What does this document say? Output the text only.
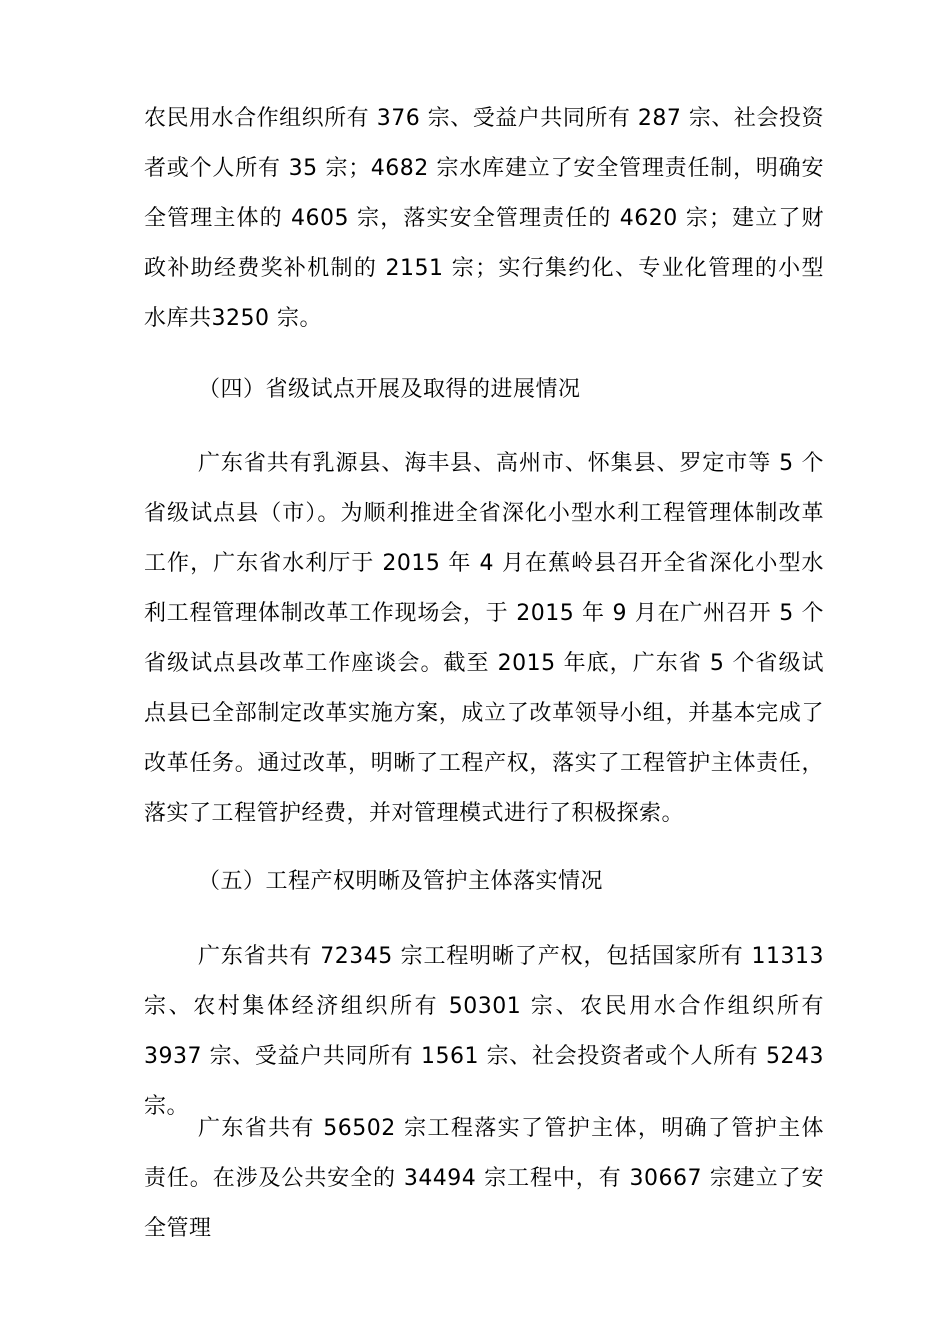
农民用水合作组织所有 376 宗、受益户共同所有 287 宗、社会投资者或个人所有 35 宗；4682 宗水库建立了安全管理责任制，明确安全管理主体的 4605 宗，落实安全管理责任的 4620 宗；建立了财政补助经费奖补机制的 2151 宗；实行集约化、专业化管理的小型水库共3250 宗。

（四）省级试点开展及取得的进展情况

广东省共有乳源县、海丰县、高州市、怀集县、罗定市等 5 个省级试点县（市）。为顺利推进全省深化小型水利工程管理体制改革工作，广东省水利厅于 2015 年 4 月在蕉岭县召开全省深化小型水利工程管理体制改革工作现场会，于 2015 年 9 月在广州召开 5 个省级试点县改革工作座谈会。截至 2015 年底，广东省 5 个省级试点县已全部制定改革实施方案，成立了改革领导小组，并基本完成了改革任务。通过改革，明晰了工程产权，落实了工程管护主体责任，落实了工程管护经费，并对管理模式进行了积极探索。

（五）工程产权明晰及管护主体落实情况

广东省共有 72345 宗工程明晰了产权，包括国家所有 11313 宗、农村集体经济组织所有 50301 宗、农民用水合作组织所有 3937 宗、受益户共同所有 1561 宗、社会投资者或个人所有 5243 宗。

广东省共有 56502 宗工程落实了管护主体，明确了管护主体责任。在涉及公共安全的 34494 宗工程中，有 30667 宗建立了安全管理
